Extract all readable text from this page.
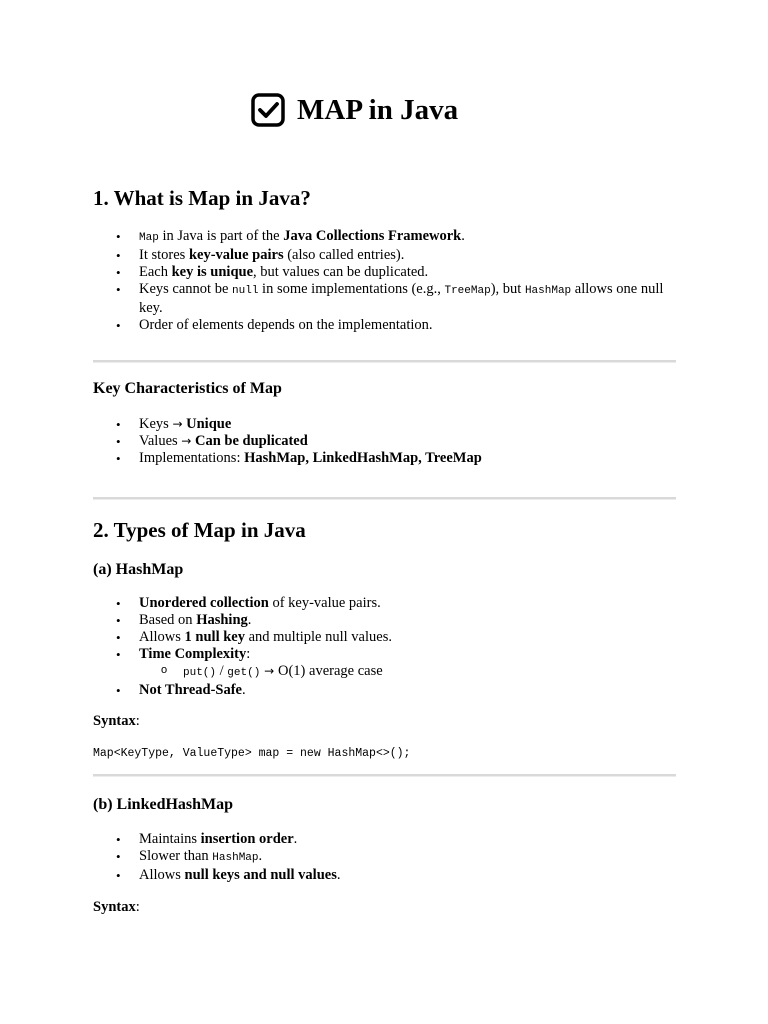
MAP in Java
1. What is Map in Java?
• Map in Java is part of the Java Collections Framework.
• It stores key-value pairs (also called entries).
• Each key is unique, but values can be duplicated.
• Keys cannot be null in some implementations (e.g., TreeMap), but HashMap allows one null key.
• Order of elements depends on the implementation.
Key Characteristics of Map
• Keys → Unique
• Values → Can be duplicated
• Implementations: HashMap, LinkedHashMap, TreeMap
2. Types of Map in Java
(a) HashMap
• Unordered collection of key-value pairs.
• Based on Hashing.
• Allows 1 null key and multiple null values.
• Time Complexity:
o put() / get() → O(1) average case
• Not Thread-Safe.
Syntax:
Map<KeyType, ValueType> map = new HashMap<>();
(b) LinkedHashMap
• Maintains insertion order.
• Slower than HashMap.
• Allows null keys and null values.
Syntax:
